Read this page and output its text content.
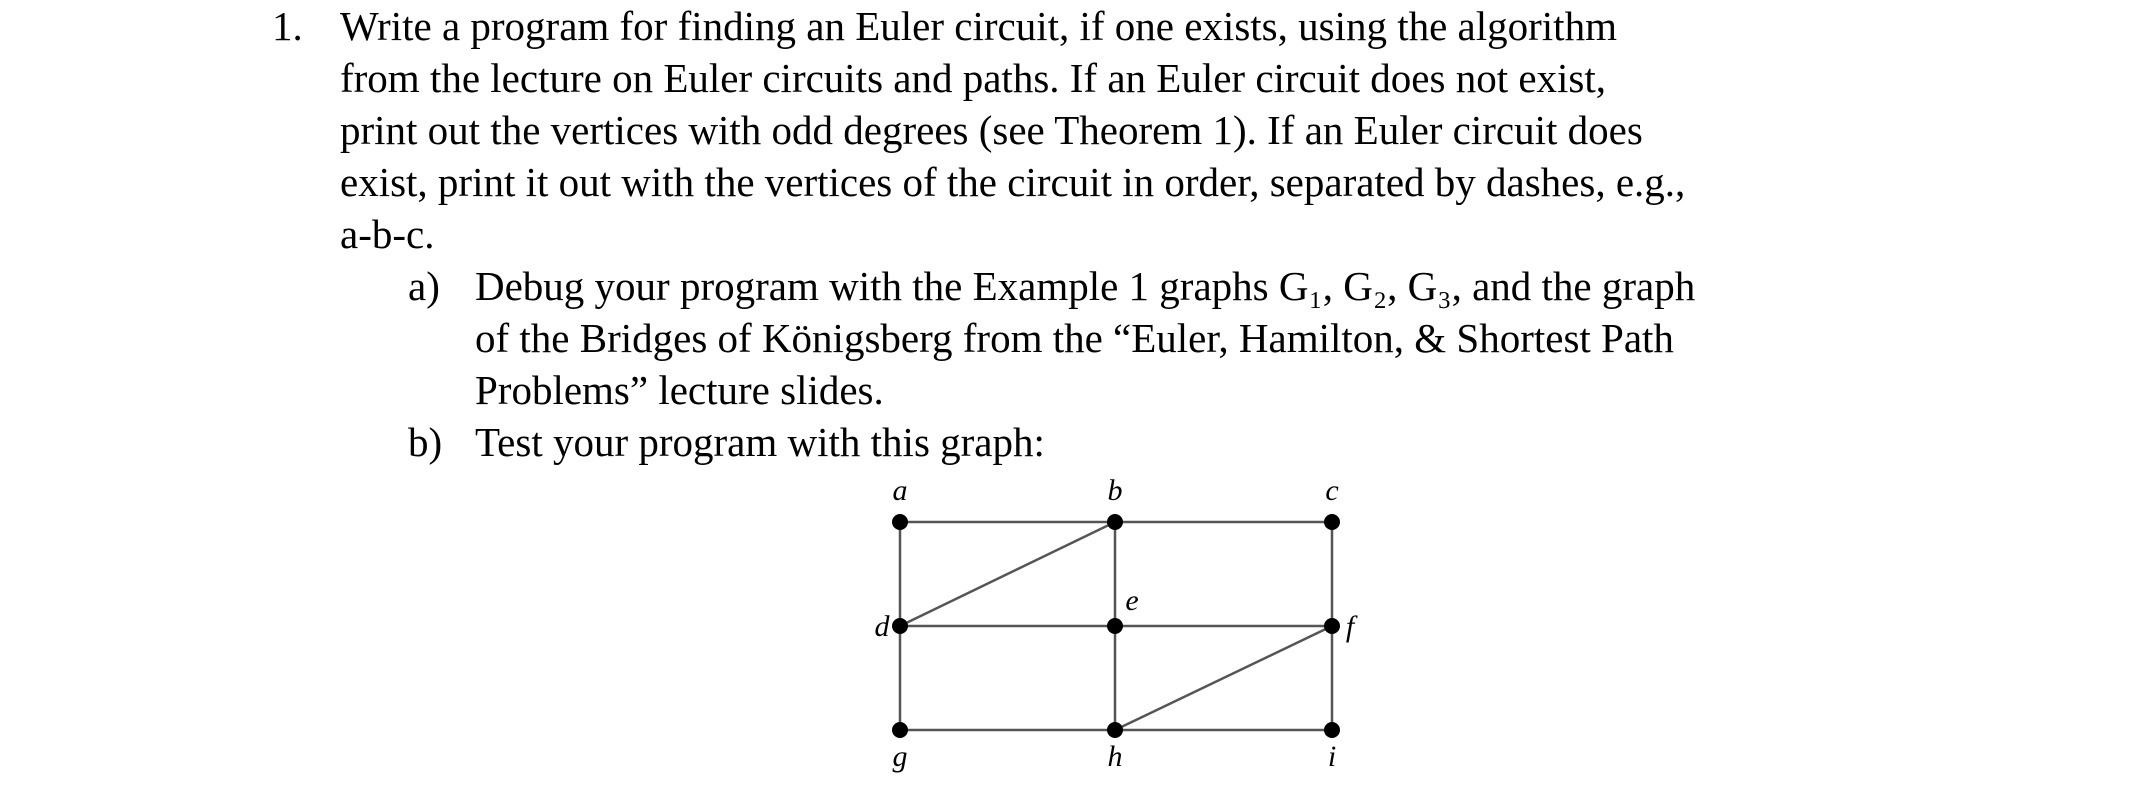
1. Write a program for finding an Euler circuit, if one exists, using the algorithm
from the lecture on Euler circuits and paths. If an Euler circuit does not exist,
print out the vertices with odd degrees (see Theorem 1). If an Euler circuit does
exist, print it out with the vertices of the circuit in order, separated by dashes, e.g.,
a-b-c.
a) Debug your program with the Example 1 graphs G₁, G₂, G₃, and the graph
of the Bridges of Königsberg from the “Euler, Hamilton, & Shortest Path
Problems” lecture slides.
b) Test your program with this graph:
a	b	c
d
e
f
g	h	i
